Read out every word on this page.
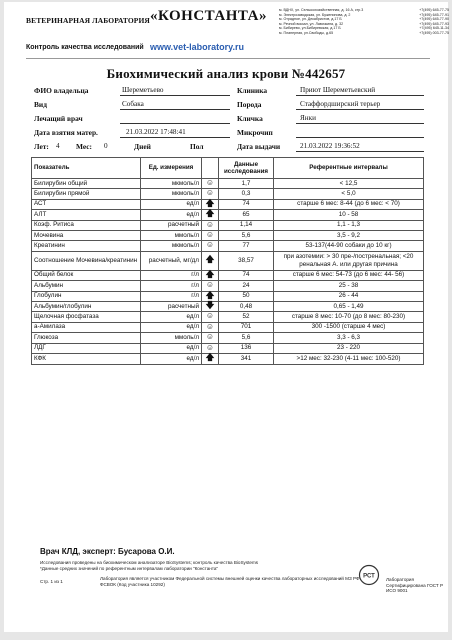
ВЕТЕРИНАРНАЯ ЛАБОРАТОРИЯ «КОНСТАНТА»
Контроль качества исследований www.vet-laboratory.ru
м. ВДНХ, ул. Сельскохозяйственная, д. 16 А, стр.3	+7(495) 645-77-75
м. Электрозаводская, ул. Буженинова, д. 2	+7(495) 645-77-91
м. Отрадное, ул. Декабристов, д.17 Б	+7(495) 645-77-90
м. Речной вокзал, ул. Лавочкина, д. 32	+7(495) 645-77-93
м. Бибирево, ул.Бибиревская, д.17 Б	+7(495) 645-11-34
м. Планерная, ул.Свободы, д.65	+7(495) 003-77-75
Биохимический анализ крови №442657
ФИО владельца	Шереметьево	Клиника	Приют Шереметьевский
Вид	Собака	Порода	Стаффордширский терьер
Лечащий врач	Кличка	Янки
Дата взятия матер.	21.03.2022 17:48:41	Микрочип
Лет: 4 Мес: 0	Дней	Пол	Дата выдачи	21.03.2022 19:36:52
Показатель	Ед. измерения		Данные исследования	Референтные интервалы
Билирубин общий	мкмоль/л	☺	1,7	< 12,5
Билирубин прямой	мкмоль/л	☺	0,3	< 5,0
АСТ	ед/л	🡅	74	старше 6 мес: 8-44 (до 6 мес: < 70)
АЛТ	ед/л	🡅	65	10 - 58
Коэф. Ритиса	расчетный	☺	1,14	1,1 - 1,3
Мочевина	ммоль/л	☺	5,6	3,5 - 9,2
Креатинин	мкмоль/л	☺	77	53-137(44-90 собаки до 10 кг)
Соотношение Мочевина/креатинин	расчетный, мг/дл	🡅	38,57	при азотемии: > 30 пре-/постренальная; <20 ренальная А. или другая причина
Общий белок	г/л	🡅	74	старше 6 мес: 54-73 (до 6 мес: 44- 56)
Альбумин	г/л	☺	24	25 - 38
Глобулин	г/л	🡅	50	26 - 44
Альбумин/глобулин	расчетный	🡇	0,48	0,65 - 1,49
Щелочная фосфатаза	ед/л	☺	52	старше 8 мес: 10-70 (до 8 мес: 80-230)
а-Амилаза	ед/л	☺	701	300 -1500 (старше 4 мес)
Глюкоза	ммоль/л	☺	5,6	3,3 - 6,3
ЛДГ	ед/л	☺	136	23 - 220
КФК	ед/л	🡅	341	>12 мес: 32-230 (4-11 мес: 100-520)
Врач КЛД, эксперт: Бусарова О.И.
Исследования проведены на биохимическом анализаторе BioSystems; контроль качества BioSystems
*Данные средних значений по референтным интервалам лаборатории "Константа"
Стр. 1 из 1
Лаборатория является участником Федеральной системы внешней оценки качества лабораторных исследований МЗ РФ ФСВОК (Код участника 10292)
РСТ Лаборатория Сертифицирована ГОСТ Р ИСО 9001
